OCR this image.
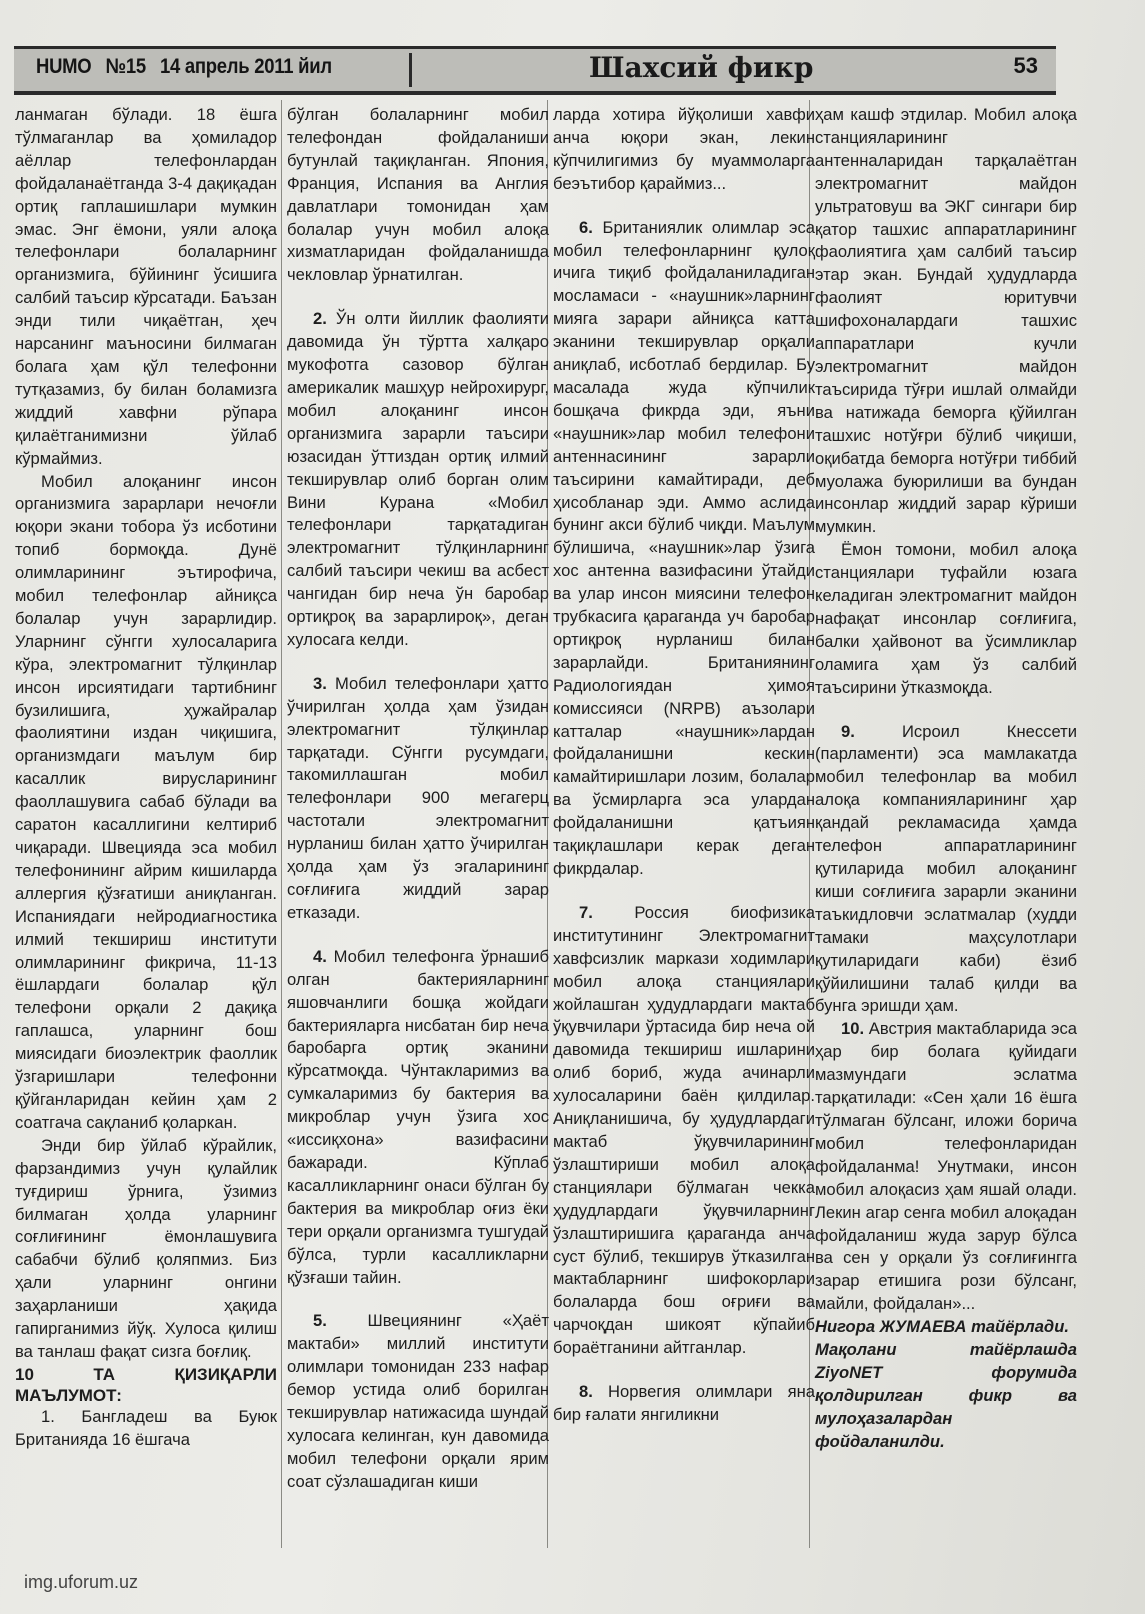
HUMO №15 14 апрель 2011 йил	Шахсий фикр	53

ланмаган бўлади. 18 ёшга тўлмаганлар ва ҳомиладор аёллар телефонлардан фойдаланаётганда 3-4 дақиқадан ортиқ гаплашишлари мумкин эмас. Энг ёмони, уяли алоқа телефонлари болаларнинг организмига, бўйининг ўсишига салбий таъсир кўрсатади. Баъзан энди тили чиқаётган, ҳеч нарсанинг маъносини билмаган болага ҳам қўл телефонни тутқазамиз, бу билан боламизга жиддий хавфни рўпара қилаётганимизни ўйлаб кўрмаймиз.

Мобил алоқанинг инсон организмига зарарлари нечоғли юқори экани тобора ўз исботини топиб бормоқда. Дунё олимларининг эътирофича, мобил телефонлар айниқса болалар учун зарарлидир. Уларнинг сўнгги хулосаларига кўра, электромагнит тўлқинлар инсон ирсиятидаги тартибнинг бузилишига, ҳужайралар фаолиятини издан чиқишига, организмдаги маълум бир касаллик вирусларининг фаоллашувига сабаб бўлади ва саратон касаллигини келтириб чиқаради. Швецияда эса мобил телефонининг айрим кишиларда аллергия қўзғатиши аниқланган. Испаниядаги нейродиагностика илмий текшириш институти олимларининг фикрича, 11-13 ёшлардаги болалар қўл телефони орқали 2 дақиқа гаплашса, уларнинг бош миясидаги биоэлектрик фаоллик ўзгаришлари телефонни қўйганларидан кейин ҳам 2 соатгача сақланиб қоларкан.

Энди бир ўйлаб кўрайлик, фарзандимиз учун қулайлик туғдириш ўрнига, ўзимиз билмаган ҳолда уларнинг соғлиғининг ёмонлашувига сабабчи бўлиб қоляпмиз. Биз ҳали уларнинг онгини заҳарланиши ҳақида гапирганимиз йўқ. Хулоса қилиш ва танлаш фақат сизга боғлиқ.

10 ТА ҚИЗИҚАРЛИ МАЪЛУМОТ:

1. Бангладеш ва Буюк Британияда 16 ёшгача

бўлган болаларнинг мобил телефондан фойдаланиши бутунлай тақиқланган. Япония, Франция, Испания ва Англия давлатлари томонидан ҳам болалар учун мобил алоқа хизматларидан фойдаланишда чекловлар ўрнатилган.

2. Ўн олти йиллик фаолияти давомида ўн тўртта халқаро мукофотга сазовор бўлган америкалик машҳур нейрохирург, мобил алоқанинг инсон организмига зарарли таъсири юзасидан ўттиздан ортиқ илмий текширувлар олиб борган олим Вини Курана «Мобил телефонлари тарқатадиган электромагнит тўлқинларнинг салбий таъсири чекиш ва асбест чангидан бир неча ўн баробар ортиқроқ ва зарарлироқ», деган хулосага келди.

3. Мобил телефонлари ҳатто ўчирилган ҳолда ҳам ўзидан электромагнит тўлқинлар тарқатади. Сўнгги русумдаги, такомиллашган мобил телефонлари 900 мегагерц частотали электромагнит нурланиш билан ҳатто ўчирилган ҳолда ҳам ўз эгаларининг соғлиғига жиддий зарар етказади.

4. Мобил телефонга ўрнашиб олган бактерияларнинг яшовчанлиги бошқа жойдаги бактерияларга нисбатан бир неча баробарга ортиқ эканини кўрсатмоқда. Чўнтакларимиз ва сумкаларимиз бу бактерия ва микроблар учун ўзига хос «иссиқхона» вазифасини бажаради. Кўплаб касалликларнинг онаси бўлган бу бактерия ва микроблар оғиз ёки тери орқали организмга тушгудай бўлса, турли касалликларни қўзғаши тайин.

5. Швециянинг «Ҳаёт мактаби» миллий институти олимлари томонидан 233 нафар бемор устида олиб борилган текширувлар натижасида шундай хулосага келинган, кун давомида мобил телефони орқали ярим соат сўзлашадиган киши

ларда хотира йўқолиши хавфи анча юқори экан, лекин кўпчилигимиз бу муаммоларга беэътибор қараймиз...

6. Британиялик олимлар эса мобил телефонларнинг қулоқ ичига тиқиб фойдаланиладиган мосламаси - «наушник»ларнинг мияга зарари айниқса катта эканини текширувлар орқали аниқлаб, исботлаб бердилар. Бу масалада жуда кўпчилик бошқача фикрда эди, яъни «наушник»лар мобил телефони антеннасининг зарарли таъсирини камайтиради, деб ҳисобланар эди. Аммо аслида бунинг акси бўлиб чиқди. Маълум бўлишича, «наушник»лар ўзига хос антенна вазифасини ўтайди ва улар инсон миясини телефон трубкасига қараганда уч баробар ортиқроқ нурланиш билан зарарлайди. Британиянинг Радиологиядан ҳимоя комиссияси (NRPB) аъзолари катталар «наушник»лардан фойдаланишни кескин камайтиришлари лозим, болалар ва ўсмирларга эса улардан фойдаланишни қатъиян тақиқлашлари керак деган фикрдалар.

7. Россия биофизика институтининг Электромагнит хавфсизлик маркази ходимлари мобил алоқа станциялари жойлашган ҳудудлардаги мактаб ўқувчилари ўртасида бир неча ой давомида текшириш ишларини олиб бориб, жуда ачинарли хулосаларини баён қилдилар. Аниқланишича, бу ҳудудлардаги мактаб ўқувчиларининг ўзлаштириши мобил алоқа станциялари бўлмаган чекка ҳудудлардаги ўқувчиларнинг ўзлаштиришига қараганда анча суст бўлиб, текширув ўтказилган мактабларнинг шифокорлари болаларда бош оғриғи ва чарчоқдан шикоят кўпайиб бораётганини айтганлар.

8. Норвегия олимлари яна бир ғалати янгиликни

ҳам кашф этдилар. Мобил алоқа станцияларининг антенналаридан тарқалаётган электромагнит майдон ультратовуш ва ЭКГ сингари бир қатор ташхис аппаратларининг фаолиятига ҳам салбий таъсир этар экан. Бундай ҳудудларда фаолият юритувчи шифохоналардаги ташхис аппаратлари кучли электромагнит майдон таъсирида тўғри ишлай олмайди ва натижада беморга қўйилган ташхис нотўғри бўлиб чиқиши, оқибатда беморга нотўғри тиббий муолажа буюрилиши ва бундан инсонлар жиддий зарар кўриши мумкин.

Ёмон томони, мобил алоқа станциялари туфайли юзага келадиган электромагнит майдон нафақат инсонлар соғлиғига, балки ҳайвонот ва ўсимликлар оламига ҳам ўз салбий таъсирини ўтказмоқда.

9. Исроил Кнессети (парламенти) эса мамлакатда мобил телефонлар ва мобил алоқа компанияларининг ҳар қандай рекламасида ҳамда телефон аппаратларининг қутиларида мобил алоқанинг киши соғлиғига зарарли эканини таъкидловчи эслатмалар (худди тамаки маҳсулотлари қутиларидаги каби) ёзиб қўйилишини талаб қилди ва бунга эришди ҳам.

10. Австрия мактабларида эса ҳар бир болага қуйидаги мазмундаги эслатма тарқатилади: «Сен ҳали 16 ёшга тўлмаган бўлсанг, иложи борича мобил телефонларидан фойдаланма! Унутмаки, инсон мобил алоқасиз ҳам яшай олади. Лекин агар сенга мобил алоқадан фойдаланиш жуда зарур бўлса ва сен у орқали ўз соғлиғингга зарар етишига рози бўлсанг, майли, фойдалан»...

Нигора ЖУМАЕВА тайёрлади.

Мақолани тайёрлашда ZiyoNET форумида қолдирилган фикр ва мулоҳазалардан фойдаланилди.

img.uforum.uz
